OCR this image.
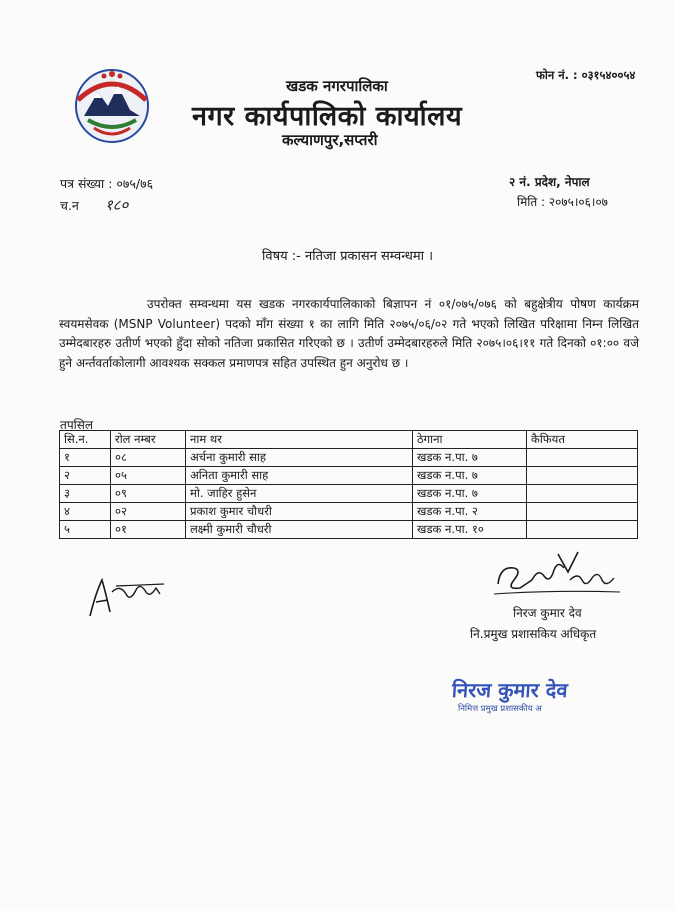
खडक नगरपालिका
नगर कार्यपालिको कार्यालय
कल्याणपुर,सप्तरी
फोन नं. : ०३१५४००५४
पत्र संख्या : ०७५/७६
च.न १८०
२ नं. प्रदेश, नेपाल
मिति : २०७५।०६।०७
विषय :- नतिजा प्रकासन सम्वन्धमा ।

उपरोक्त सम्वन्धमा यस खडक नगरकार्यपालिकाको बिज्ञापन नं ०१/०७५/०७६ को बहुक्षेत्रीय पोषण कार्यक्रम स्वयमसेवक (MSNP Volunteer) पदको माँग संख्या १ का लागि मिति २०७५/०६/०२ गते भएको लिखित परिक्षामा निम्न लिखित उम्मेदबारहरु उतीर्ण भएको हुँदा सोको नतिजा प्रकासित गरिएको छ । उतीर्ण उम्मेदबारहरुले मिति २०७५।०६।११ गते दिनको ०१:०० वजे हुने अर्न्तवर्ताकोलागी आवश्यक सक्कल प्रमाणपत्र सहित उपस्थित हुन अनुरोध छ ।

तपसिल
सि.न.	रोल नम्बर	नाम थर	ठेगाना	कैफियत
१	०८	अर्चना कुमारी साह	खडक न.पा. ७	
२	०५	अनिता कुमारी साह	खडक न.पा. ७	
३	०९	मो. जाहिर हुसेन	खडक न.पा. ७	
४	०२	प्रकाश कुमार चौधरी	खडक न.पा. २	
५	०१	लक्ष्मी कुमारी चौधरी	खडक न.पा. १०	
निरज कुमार देव
नि.प्रमुख प्रशासकिय अधिकृत
निरज कुमार देव
निमित्त प्रमुख प्रशासकीय अ
